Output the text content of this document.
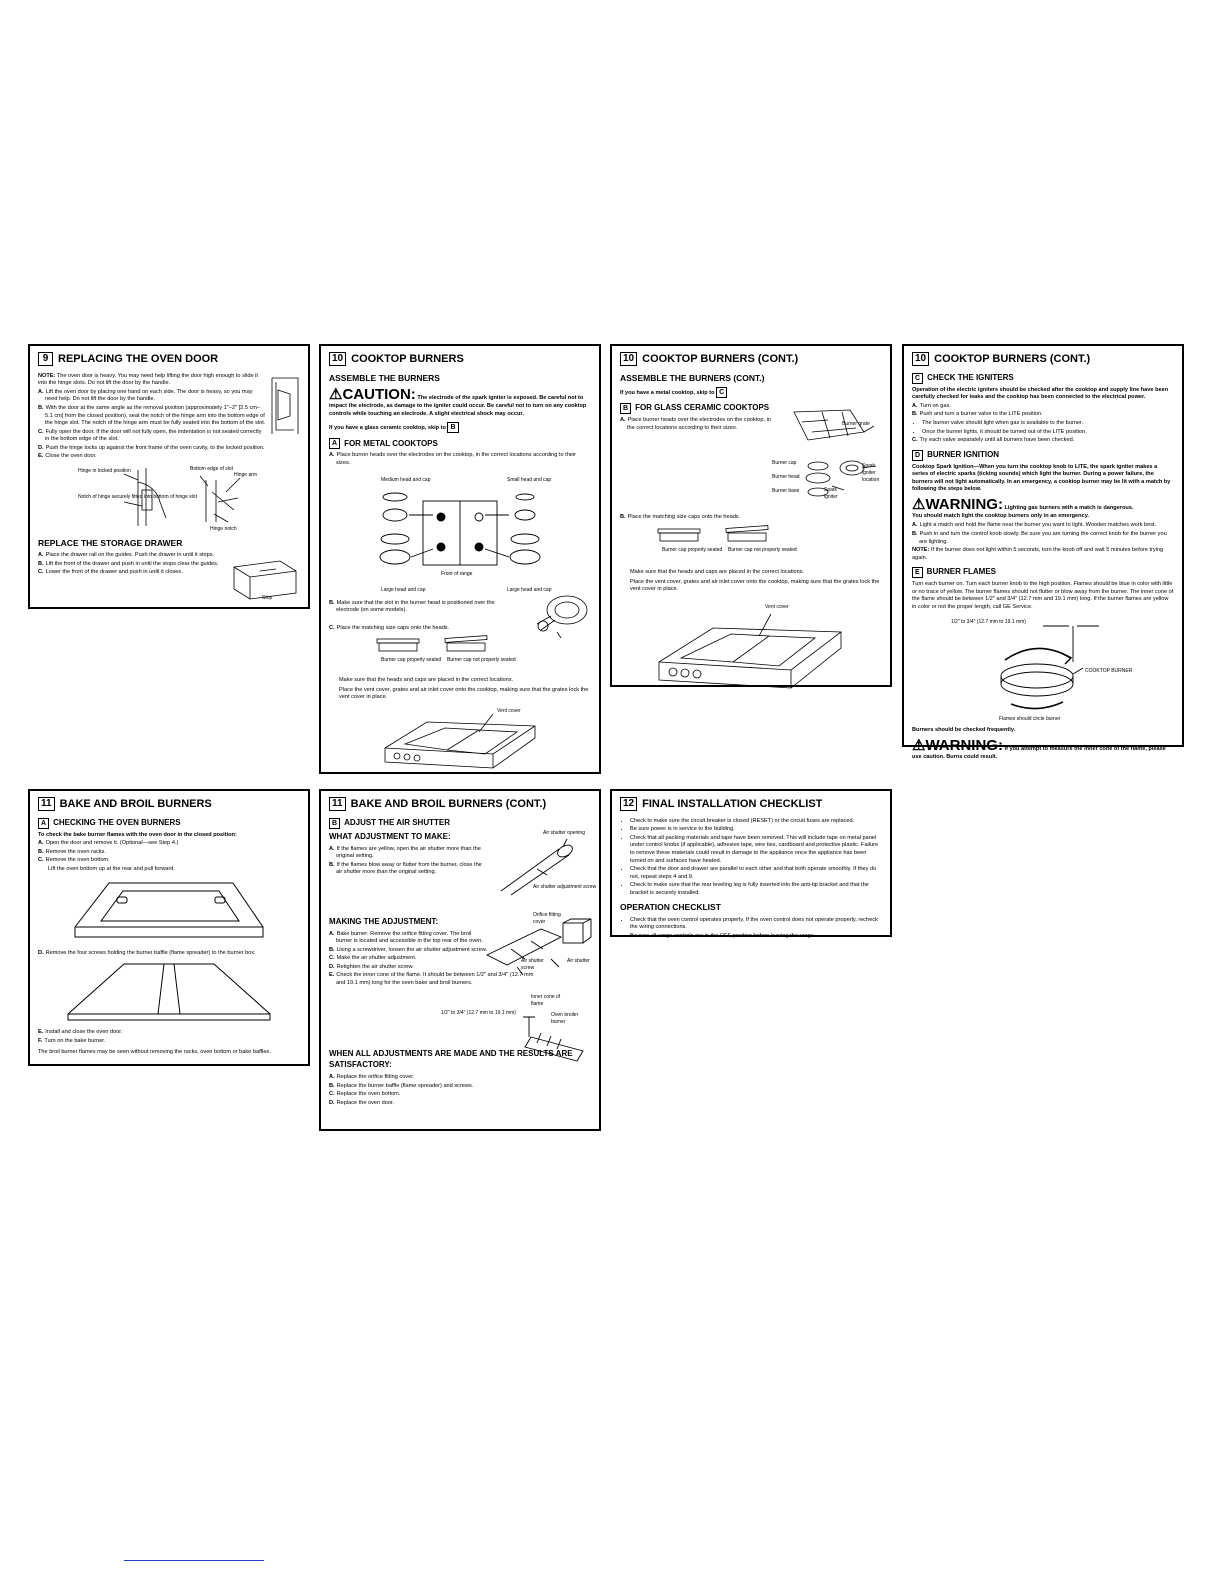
9 REPLACING THE OVEN DOOR

NOTE: The oven door is heavy. You may need help lifting the door high enough to slide it into the hinge slots. Do not lift the door by the handle.

A. Lift the oven door by placing one hand on each side. The door is heavy, so you may need help. Do not lift the door by the handle.

B. With the door at the same angle as the removal position (approximately 1"–2" [2.5 cm–5.1 cm] from the closed position), seat the notch of the hinge arm into the bottom edge of the hinge slot. The notch of the hinge arm must be fully seated into the bottom of the slot.

C. Fully open the door. If the door will not fully open, the indentation is not seated correctly in the bottom edge of the slot.

D. Push the hinge locks up against the front frame of the oven cavity, to the locked position.

E. Close the oven door.

Hinge in locked position
Notch of hinge securely fitted into bottom of hinge slot
Bottom edge of slot
Hinge arm
Hinge notch
REPLACE THE STORAGE DRAWER

A. Place the drawer rail on the guides. Push the drawer in until it stops.

B. Lift the front of the drawer and push in until the stops clear the guides.

C. Lower the front of the drawer and push in until it closes.

Stop
10 COOKTOP BURNERS
ASSEMBLE THE BURNERS
⚠CAUTION: The electrode of the spark igniter is exposed. Be careful not to impact the electrode, as damage to the igniter could occur. Be careful not to turn on any cooktop controls while touching an electrode. A slight electrical shock may occur.

If you have a glass ceramic cooktop, skip to B

A FOR METAL COOKTOPS

A. Place burner heads over the electrodes on the cooktop, in the correct locations according to their sizes.

Medium head and cap	Small head and cap
Large head and cap	Large head and cap
Front of range

B. Make sure that the slot in the burner head is positioned over the electrode (on some models).

C. Place the matching size caps onto the heads.

Burner cap properly seated Burner cap not properly seated

Make sure that the heads and caps are placed in the correct locations.

Place the vent cover, grates and air inlet cover onto the cooktop, making sure that the grates lock the vent cover in place.

Vent cover
10 COOKTOP BURNERS (CONT.)
ASSEMBLE THE BURNERS (CONT.)

If you have a metal cooktop, skip to C

B FOR GLASS CERAMIC COOKTOPS

A. Place burner heads over the electrodes on the cooktop, in the correct locations according to their sizes.

Burner cap
Burner head
Burner base

Burner grate

Spark igniter location

Spark igniter

B. Place the matching size caps onto the heads.

Burner cap properly seated Burner cap not properly seated

Make sure that the heads and caps are placed in the correct locations.

Place the vent cover, grates and air inlet cover onto the cooktop, making sure that the grates lock the vent cover in place.

Vent cover
10 COOKTOP BURNERS (CONT.)
C CHECK THE IGNITERS

Operation of the electric igniters should be checked after the cooktop and supply line have been carefully checked for leaks and the cooktop has been connected to the electrical power.

A. Turn on gas.

B. Push and turn a burner valve to the LITE position.

• The burner valve should light when gas is available to the burner.
• Once the burner lights, it should be turned out of the LITE position.

C. Try each valve separately until all burners have been checked.

D BURNER IGNITION

Cooktop Spark Ignition—When you turn the cooktop knob to LITE, the spark igniter makes a series of electric sparks (ticking sounds) which light the burner. During a power failure, the burners will not light automatically. In an emergency, a cooktop burner may be lit with a match by following the steps below.

⚠WARNING: Lighting gas burners with a match is dangerous.
You should match light the cooktop burners only in an emergency.

A. Light a match and hold the flame near the burner you want to light. Wooden matches work best.

B. Push in and turn the control knob slowly. Be sure you are turning the correct knob for the burner you are lighting.

NOTE: If the burner does not light within 5 seconds, turn the knob off and wait 5 minutes before trying again.

E BURNER FLAMES

Turn each burner on. Turn each burner knob to the high position. Flames should be blue in color with little or no trace of yellow. The burner flames should not flutter or blow away from the burner. The inner cone of the flame should be between 1/2" and 3/4" (12.7 mm and 19.1 mm) long. If the burner flames are yellow in color or not the proper length, call GE Service.

1/2" to 3/4" (12.7 mm to 19.1 mm)
COOKTOP BURNER
Flames should circle burner

Burners should be checked frequently.

⚠WARNING: If you attempt to measure the inner cone of the flame, please use caution. Burns could result.
11 BAKE AND BROIL BURNERS
A CHECKING THE OVEN BURNERS

To check the bake burner flames with the oven door in the closed position:

A. Open the door and remove it. (Optional—see Step 4.)

B. Remove the oven racks.

C. Remove the oven bottom.

Lift the oven bottom up at the rear and pull forward.

D. Remove the four screws holding the burner baffle (flame spreader) to the burner box.

E. Install and close the oven door.

F. Turn on the bake burner.

The broil burner flames may be seen without removing the racks, oven bottom or bake baffles.

11 BAKE AND BROIL BURNERS (CONT.)
B ADJUST THE AIR SHUTTER
WHAT ADJUSTMENT TO MAKE:

A. If the flames are yellow, open the air shutter more than the original setting.

B. If the flames blow away or flutter from the burner, close the air shutter more than the original setting.

Air shutter opening

Air shutter adjustment screw

MAKING THE ADJUSTMENT:

A. Bake burner: Remove the orifice fitting cover. The broil burner is located and accessible in the top rear of the oven.

B. Using a screwdriver, loosen the air shutter adjustment screw.

C. Make the air shutter adjustment.

D. Retighten the air shutter screw.

E. Check the inner cone of the flame. It should be between 1/2" and 3/4" (12.7 mm and 19.1 mm) long for the oven bake and broil burners.

Orifice fitting cover

Air shutter screw

Air shutter

Inner cone of flame

1/2" to 3/4" (12.7 mm to 19.1 mm)	Oven broiler burner

WHEN ALL ADJUSTMENTS ARE MADE AND THE RESULTS ARE SATISFACTORY:

A. Replace the orifice fitting cover.

B. Replace the burner baffle (flame spreader) and screws.

C. Replace the oven bottom.

D. Replace the oven door.

12 FINAL INSTALLATION CHECKLIST
• Check to make sure the circuit breaker is closed (RESET) or the circuit fuses are replaced.
• Be sure power is in service to the building.
• Check that all packing materials and tape have been removed. This will include tape on metal panel under control knobs (if applicable), adhesive tape, wire ties, cardboard and protective plastic. Failure to remove these materials could result in damage to the appliance once the appliance has been turned on and surfaces have heated.
• Check that the door and drawer are parallel to each other and that both operate smoothly. If they do not, repeat steps 4 and 9.
• Check to make sure that the rear leveling leg is fully inserted into the anti-tip bracket and that the bracket is securely installed.
OPERATION CHECKLIST
• Check that the oven control operates properly. If the oven control does not operate properly, recheck the wiring connections.
• Be sure all range controls are in the OFF position before leaving the range.
